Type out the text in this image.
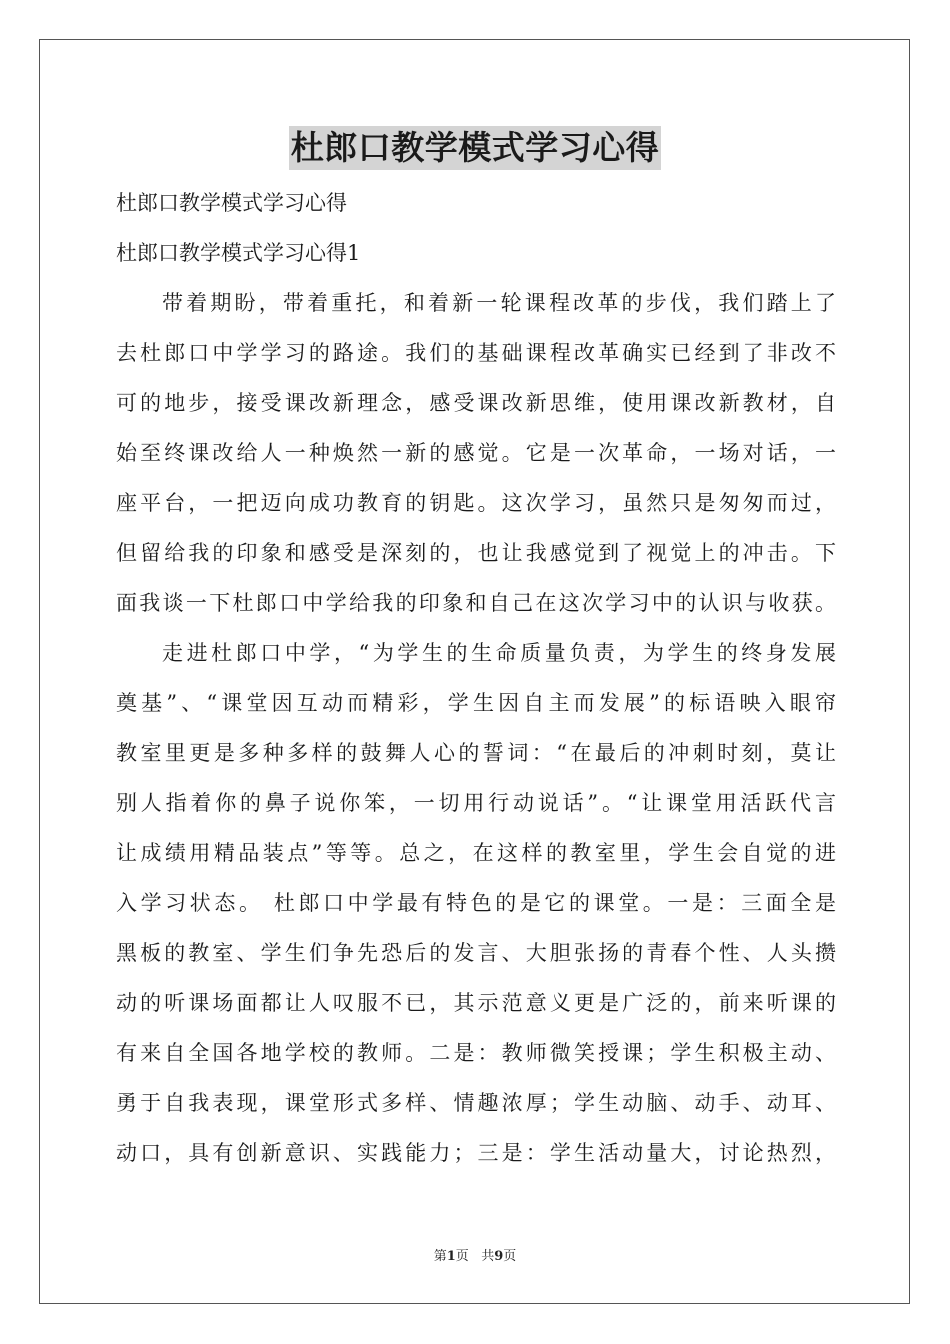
杜郎口教学模式学习心得
杜郎口教学模式学习心得
杜郎口教学模式学习心得1
带着期盼，带着重托，和着新一轮课程改革的步伐，我们踏上了
去杜郎口中学学习的路途。我们的基础课程改革确实已经到了非改不
可的地步，接受课改新理念，感受课改新思维，使用课改新教材，自
始至终课改给人一种焕然一新的感觉。它是一次革命，一场对话，一
座平台，一把迈向成功教育的钥匙。这次学习，虽然只是匆匆而过，
但留给我的印象和感受是深刻的，也让我感觉到了视觉上的冲击。下
面我谈一下杜郎口中学给我的印象和自己在这次学习中的认识与收获。
走进杜郎口中学，“为学生的生命质量负责，为学生的终身发展
奠基”、“课堂因互动而精彩，学生因自主而发展”的标语映入眼帘
教室里更是多种多样的鼓舞人心的誓词：“在最后的冲刺时刻，莫让
别人指着你的鼻子说你笨，一切用行动说话”。“让课堂用活跃代言
让成绩用精品装点”等等。总之，在这样的教室里，学生会自觉的进
入学习状态。 杜郎口中学最有特色的是它的课堂。一是：三面全是
黑板的教室、学生们争先恐后的发言、大胆张扬的青春个性、人头攒
动的听课场面都让人叹服不已，其示范意义更是广泛的，前来听课的
有来自全国各地学校的教师。二是：教师微笑授课；学生积极主动、
勇于自我表现，课堂形式多样、情趣浓厚；学生动脑、动手、动耳、
动口，具有创新意识、实践能力；三是：学生活动量大，讨论热烈，
第1页 共9页
